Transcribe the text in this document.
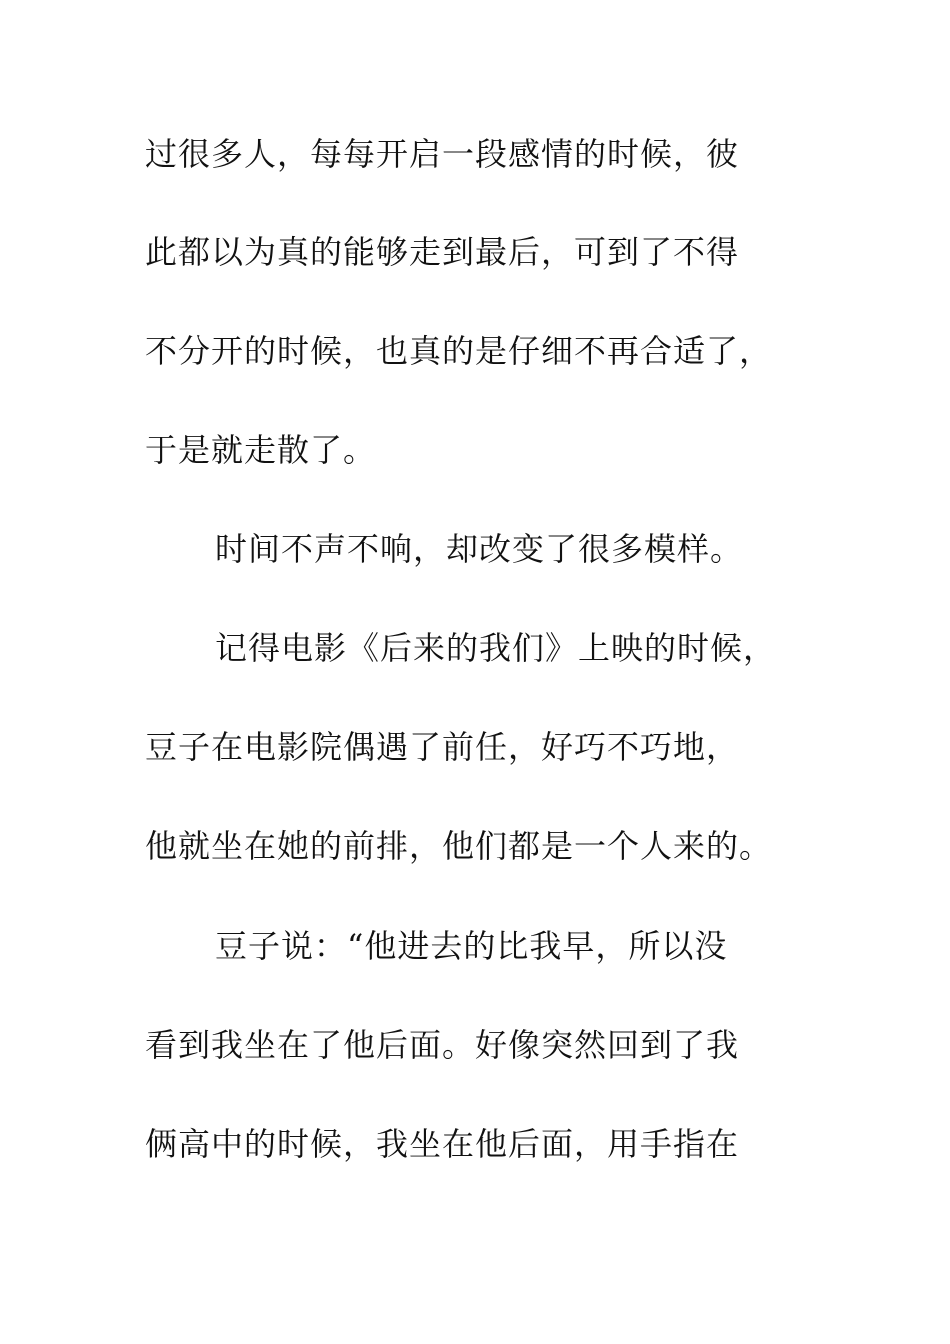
过很多人，每每开启一段感情的时候，彼
此都以为真的能够走到最后，可到了不得
不分开的时候，也真的是仔细不再合适了，
于是就走散了。
时间不声不响，却改变了很多模样。
记得电影《后来的我们》上映的时候，
豆子在电影院偶遇了前任，好巧不巧地，
他就坐在她的前排，他们都是一个人来的。
豆子说：“他进去的比我早，所以没
看到我坐在了他后面。好像突然回到了我
俩高中的时候，我坐在他后面，用手指在
